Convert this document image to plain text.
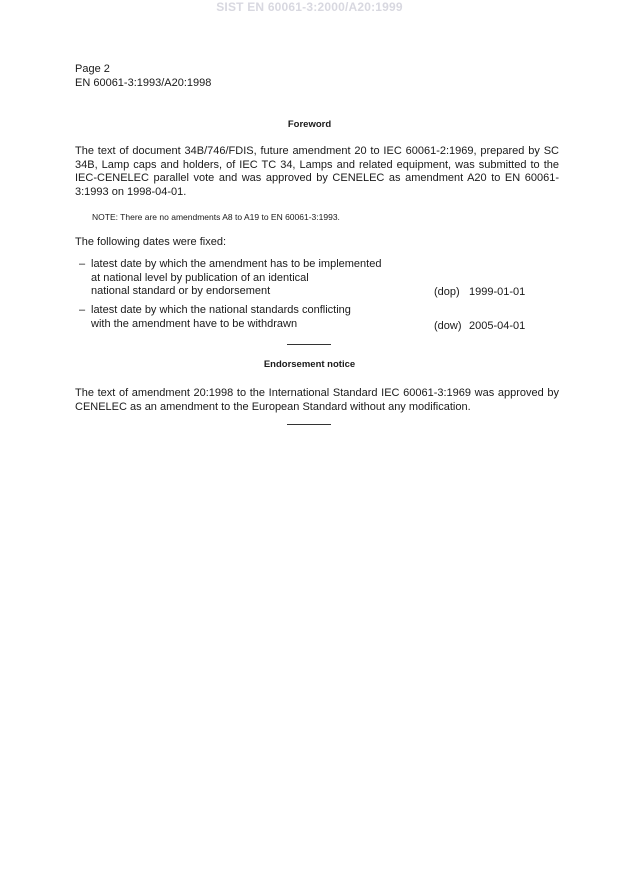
SIST EN 60061-3:2000/A20:1999
Page 2
EN 60061-3:1993/A20:1998
Foreword
The text of document 34B/746/FDIS, future amendment 20 to IEC 60061-2:1969, prepared by SC 34B, Lamp caps and holders, of IEC TC 34, Lamps and related equipment, was submitted to the IEC-CENELEC parallel vote and was approved by CENELEC as amendment A20 to EN 60061-3:1993 on 1998-04-01.
NOTE: There are no amendments A8 to A19 to EN 60061-3:1993.
The following dates were fixed:
– latest date by which the amendment has to be implemented
at national level by publication of an identical
national standard or by endorsement	(dop) 1999-01-01
– latest date by which the national standards conflicting
with the amendment have to be withdrawn	(dow) 2005-04-01
Endorsement notice
The text of amendment 20:1998 to the International Standard IEC 60061-3:1969 was approved by CENELEC as an amendment to the European Standard without any modification.
